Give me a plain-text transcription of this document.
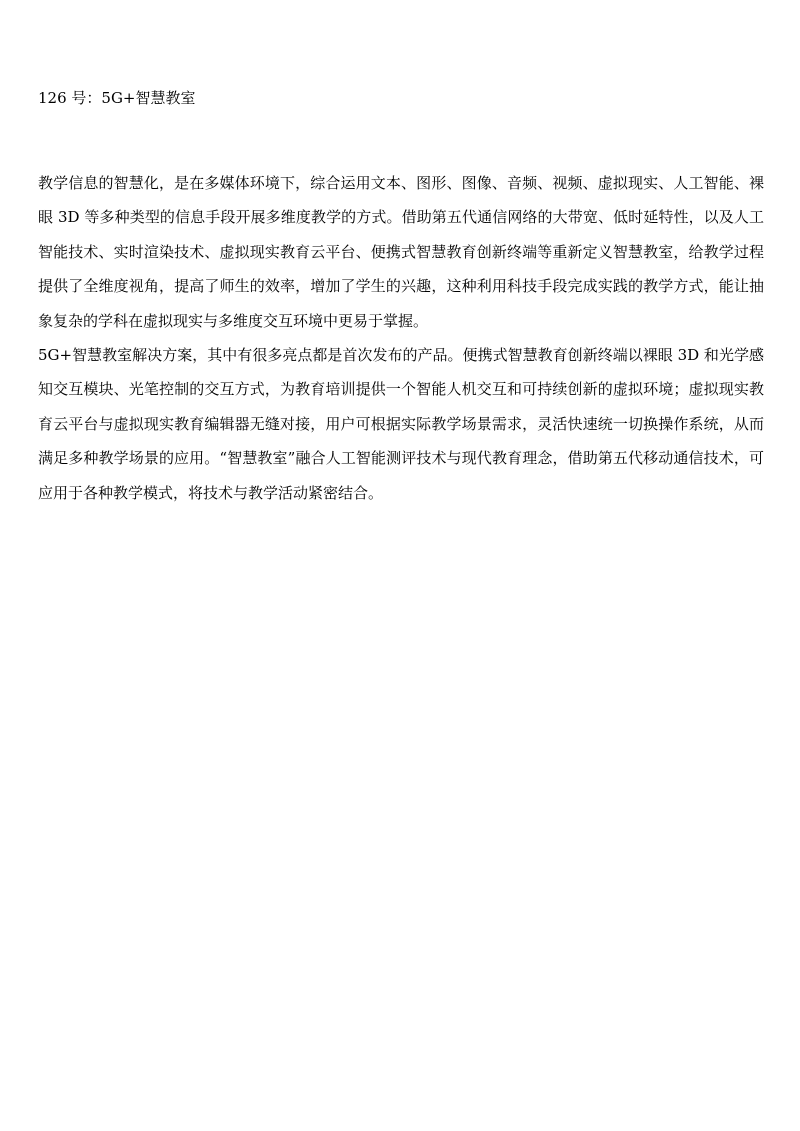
126 号：5G+智慧教室

教学信息的智慧化，是在多媒体环境下，综合运用文本、图形、图像、音频、视频、虚拟现实、人工智能、裸眼 3D 等多种类型的信息手段开展多维度教学的方式。借助第五代通信网络的大带宽、低时延特性，以及人工智能技术、实时渲染技术、虚拟现实教育云平台、便携式智慧教育创新终端等重新定义智慧教室，给教学过程提供了全维度视角，提高了师生的效率，增加了学生的兴趣，这种利用科技手段完成实践的教学方式，能让抽象复杂的学科在虚拟现实与多维度交互环境中更易于掌握。

5G+智慧教室解决方案，其中有很多亮点都是首次发布的产品。便携式智慧教育创新终端以裸眼 3D 和光学感知交互模块、光笔控制的交互方式，为教育培训提供一个智能人机交互和可持续创新的虚拟环境；虚拟现实教育云平台与虚拟现实教育编辑器无缝对接，用户可根据实际教学场景需求，灵活快速统一切换操作系统，从而满足多种教学场景的应用。“智慧教室”融合人工智能测评技术与现代教育理念，借助第五代移动通信技术，可应用于各种教学模式，将技术与教学活动紧密结合。
